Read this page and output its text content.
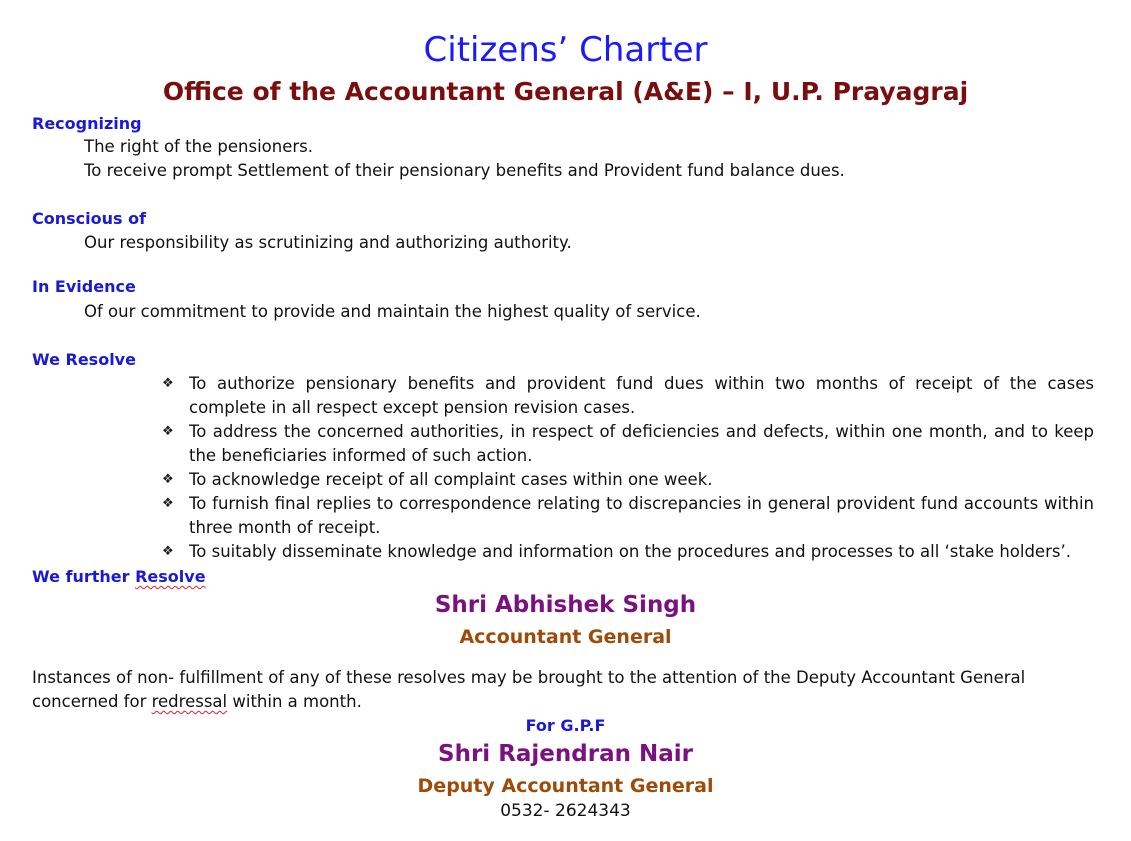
Citizens’ Charter
Office of the Accountant General (A&E) – I, U.P. Prayagraj
Recognizing
The right of the pensioners.
To receive prompt Settlement of their pensionary benefits and Provident fund balance dues.
Conscious of
Our responsibility as scrutinizing and authorizing authority.
In Evidence
Of our commitment to provide and maintain the highest quality of service.
We Resolve
❖ To authorize pensionary benefits and provident fund dues within two months of receipt of the cases complete in all respect except pension revision cases.
❖ To address the concerned authorities, in respect of deficiencies and defects, within one month, and to keep the beneficiaries informed of such action.
❖ To acknowledge receipt of all complaint cases within one week.
❖ To furnish final replies to correspondence relating to discrepancies in general provident fund accounts within three month of receipt.
❖ To suitably disseminate knowledge and information on the procedures and processes to all ‘stake holders’.
We further Resolve
Shri Abhishek Singh
Accountant General
Instances of non- fulfillment of any of these resolves may be brought to the attention of the Deputy Accountant General concerned for redressal within a month.
For G.P.F
Shri Rajendran Nair
Deputy Accountant General
0532- 2624343
